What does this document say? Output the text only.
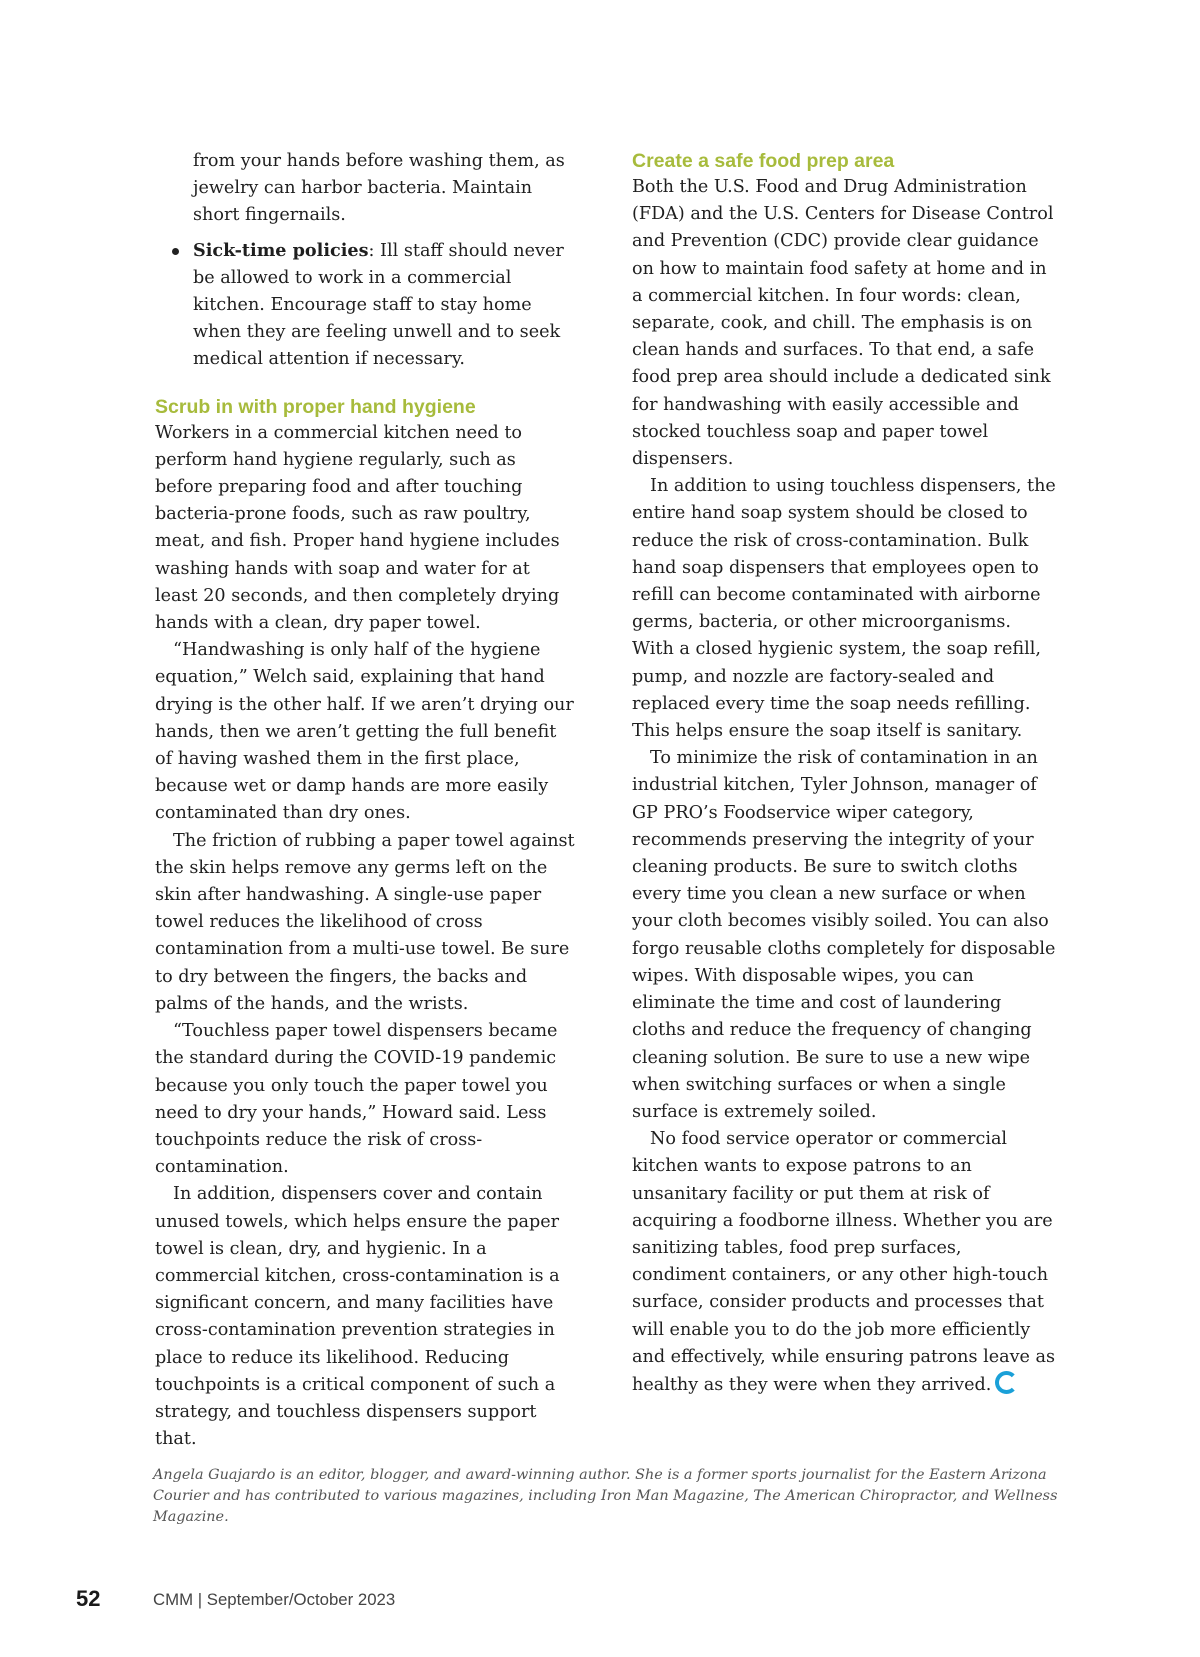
from your hands before washing them, as jewelry can harbor bacteria. Maintain short fingernails.

Sick-time policies: Ill staff should never be allowed to work in a commercial kitchen. Encourage staff to stay home when they are feeling unwell and to seek medical attention if necessary.
Scrub in with proper hand hygiene

Workers in a commercial kitchen need to perform hand hygiene regularly, such as before preparing food and after touching bacteria-prone foods, such as raw poultry, meat, and fish. Proper hand hygiene includes washing hands with soap and water for at least 20 seconds, and then completely drying hands with a clean, dry paper towel.

“Handwashing is only half of the hygiene equation,” Welch said, explaining that hand drying is the other half. If we aren’t drying our hands, then we aren’t getting the full benefit of having washed them in the first place, because wet or damp hands are more easily contaminated than dry ones.

The friction of rubbing a paper towel against the skin helps remove any germs left on the skin after handwashing. A single-use paper towel reduces the likelihood of cross contamination from a multi-use towel. Be sure to dry between the fingers, the backs and palms of the hands, and the wrists.

“Touchless paper towel dispensers became the standard during the COVID-19 pandemic because you only touch the paper towel you need to dry your hands,” Howard said. Less touchpoints reduce the risk of cross-contamination.

In addition, dispensers cover and contain unused towels, which helps ensure the paper towel is clean, dry, and hygienic. In a commercial kitchen, cross-contamination is a significant concern, and many facilities have cross-contamination prevention strategies in place to reduce its likelihood. Reducing touchpoints is a critical component of such a strategy, and touchless dispensers support that.

Create a safe food prep area

Both the U.S. Food and Drug Administration (FDA) and the U.S. Centers for Disease Control and Prevention (CDC) provide clear guidance on how to maintain food safety at home and in a commercial kitchen. In four words: clean, separate, cook, and chill. The emphasis is on clean hands and surfaces. To that end, a safe food prep area should include a dedicated sink for handwashing with easily accessible and stocked touchless soap and paper towel dispensers.

In addition to using touchless dispensers, the entire hand soap system should be closed to reduce the risk of cross-contamination. Bulk hand soap dispensers that employees open to refill can become contaminated with airborne germs, bacteria, or other microorganisms. With a closed hygienic system, the soap refill, pump, and nozzle are factory-sealed and replaced every time the soap needs refilling. This helps ensure the soap itself is sanitary.

To minimize the risk of contamination in an industrial kitchen, Tyler Johnson, manager of GP PRO’s Foodservice wiper category, recommends preserving the integrity of your cleaning products. Be sure to switch cloths every time you clean a new surface or when your cloth becomes visibly soiled. You can also forgo reusable cloths completely for disposable wipes. With disposable wipes, you can eliminate the time and cost of laundering cloths and reduce the frequency of changing cleaning solution. Be sure to use a new wipe when switching surfaces or when a single surface is extremely soiled.

No food service operator or commercial kitchen wants to expose patrons to an unsanitary facility or put them at risk of acquiring a foodborne illness. Whether you are sanitizing tables, food prep surfaces, condiment containers, or any other high-touch surface, consider products and processes that will enable you to do the job more efficiently and effectively, while ensuring patrons leave as healthy as they were when they arrived.

Angela Guajardo is an editor, blogger, and award-winning author. She is a former sports journalist for the Eastern Arizona Courier and has contributed to various magazines, including Iron Man Magazine, The American Chiropractor, and Wellness Magazine.
52	CMM | September/October 2023
